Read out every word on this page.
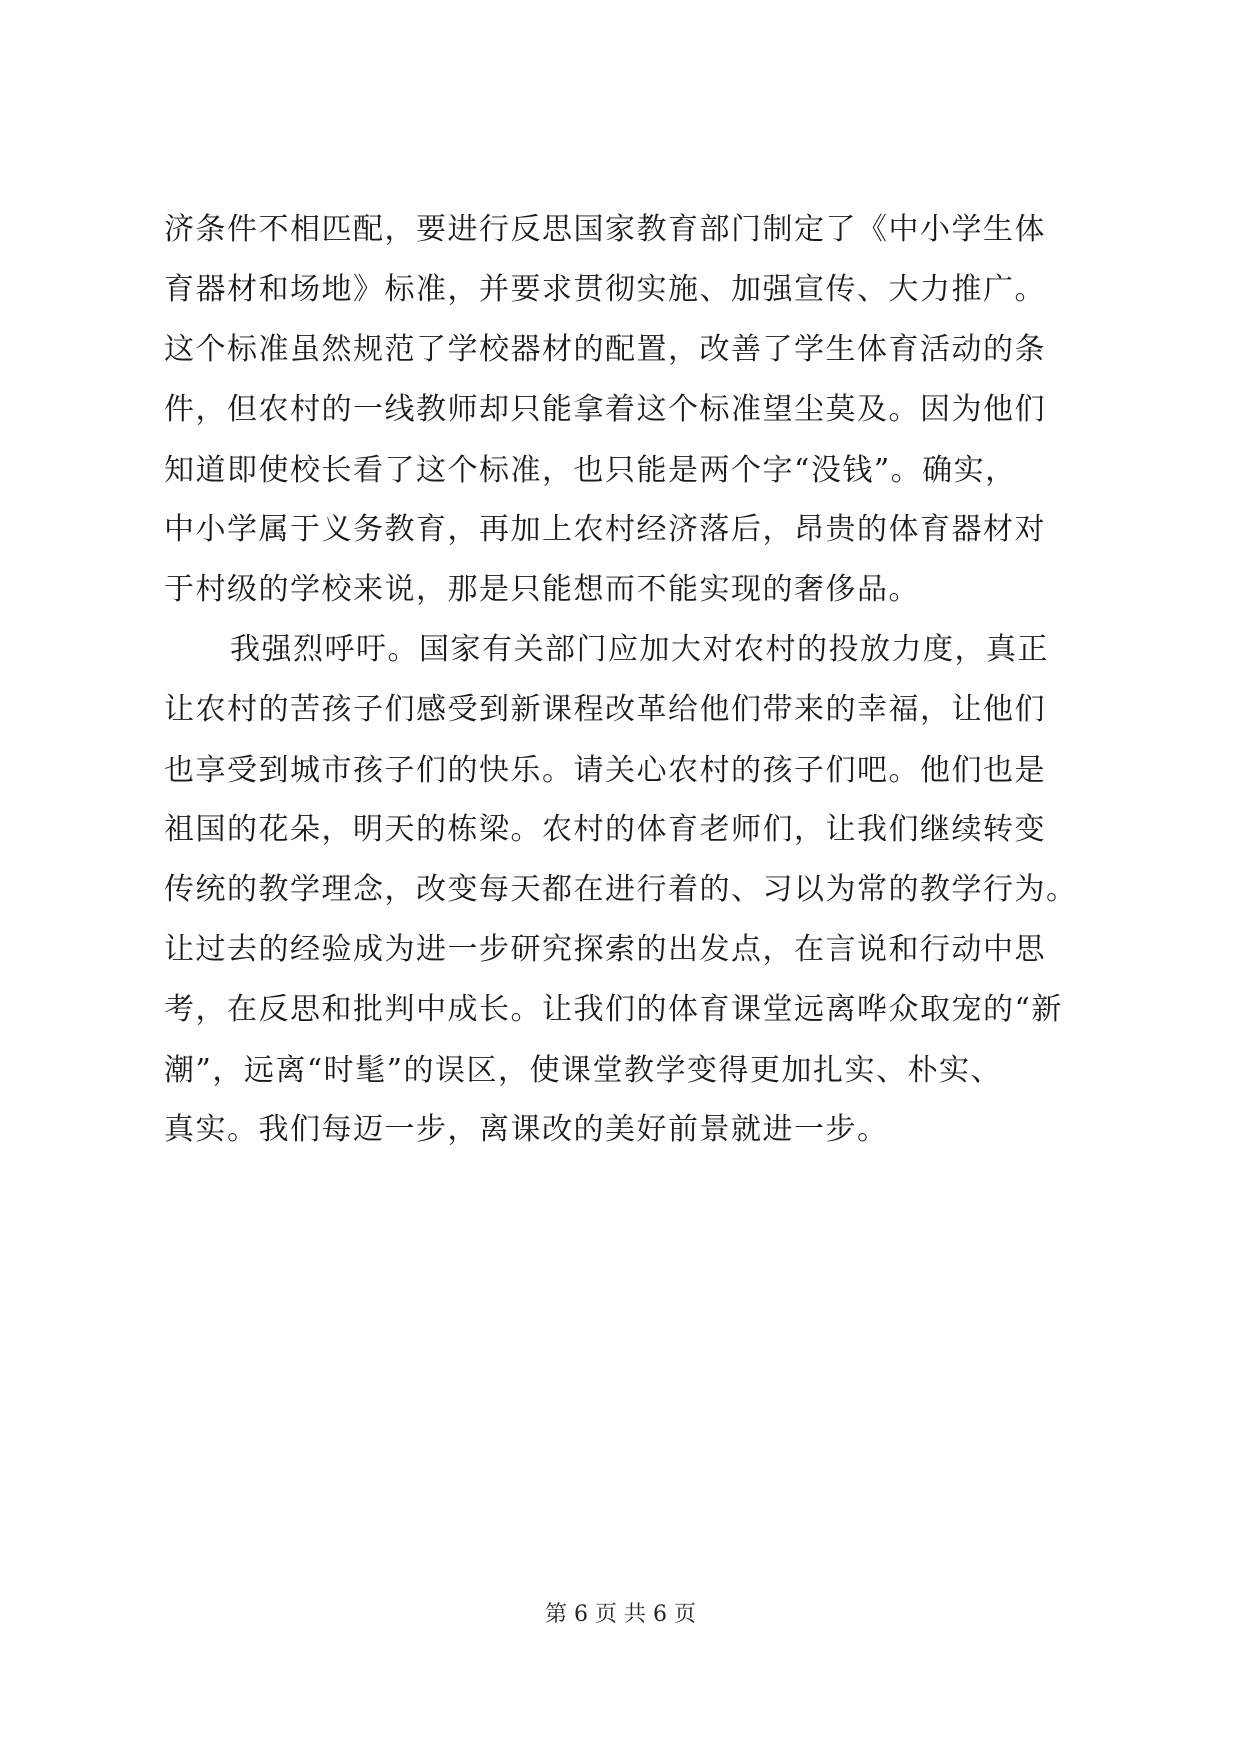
济条件不相匹配，要进行反思国家教育部门制定了《中小学生体
育器材和场地》标准，并要求贯彻实施、加强宣传、大力推广。
这个标准虽然规范了学校器材的配置，改善了学生体育活动的条
件，但农村的一线教师却只能拿着这个标准望尘莫及。因为他们
知道即使校长看了这个标准，也只能是两个字“没钱”。确实，
中小学属于义务教育，再加上农村经济落后，昂贵的体育器材对
于村级的学校来说，那是只能想而不能实现的奢侈品。
我强烈呼吁。国家有关部门应加大对农村的投放力度，真正
让农村的苦孩子们感受到新课程改革给他们带来的幸福，让他们
也享受到城市孩子们的快乐。请关心农村的孩子们吧。他们也是
祖国的花朵，明天的栋梁。农村的体育老师们，让我们继续转变
传统的教学理念，改变每天都在进行着的、习以为常的教学行为。
让过去的经验成为进一步研究探索的出发点，在言说和行动中思
考，在反思和批判中成长。让我们的体育课堂远离哗众取宠的“新
潮”，远离“时髦”的误区，使课堂教学变得更加扎实、朴实、
真实。我们每迈一步，离课改的美好前景就进一步。
第 6 页 共 6 页
